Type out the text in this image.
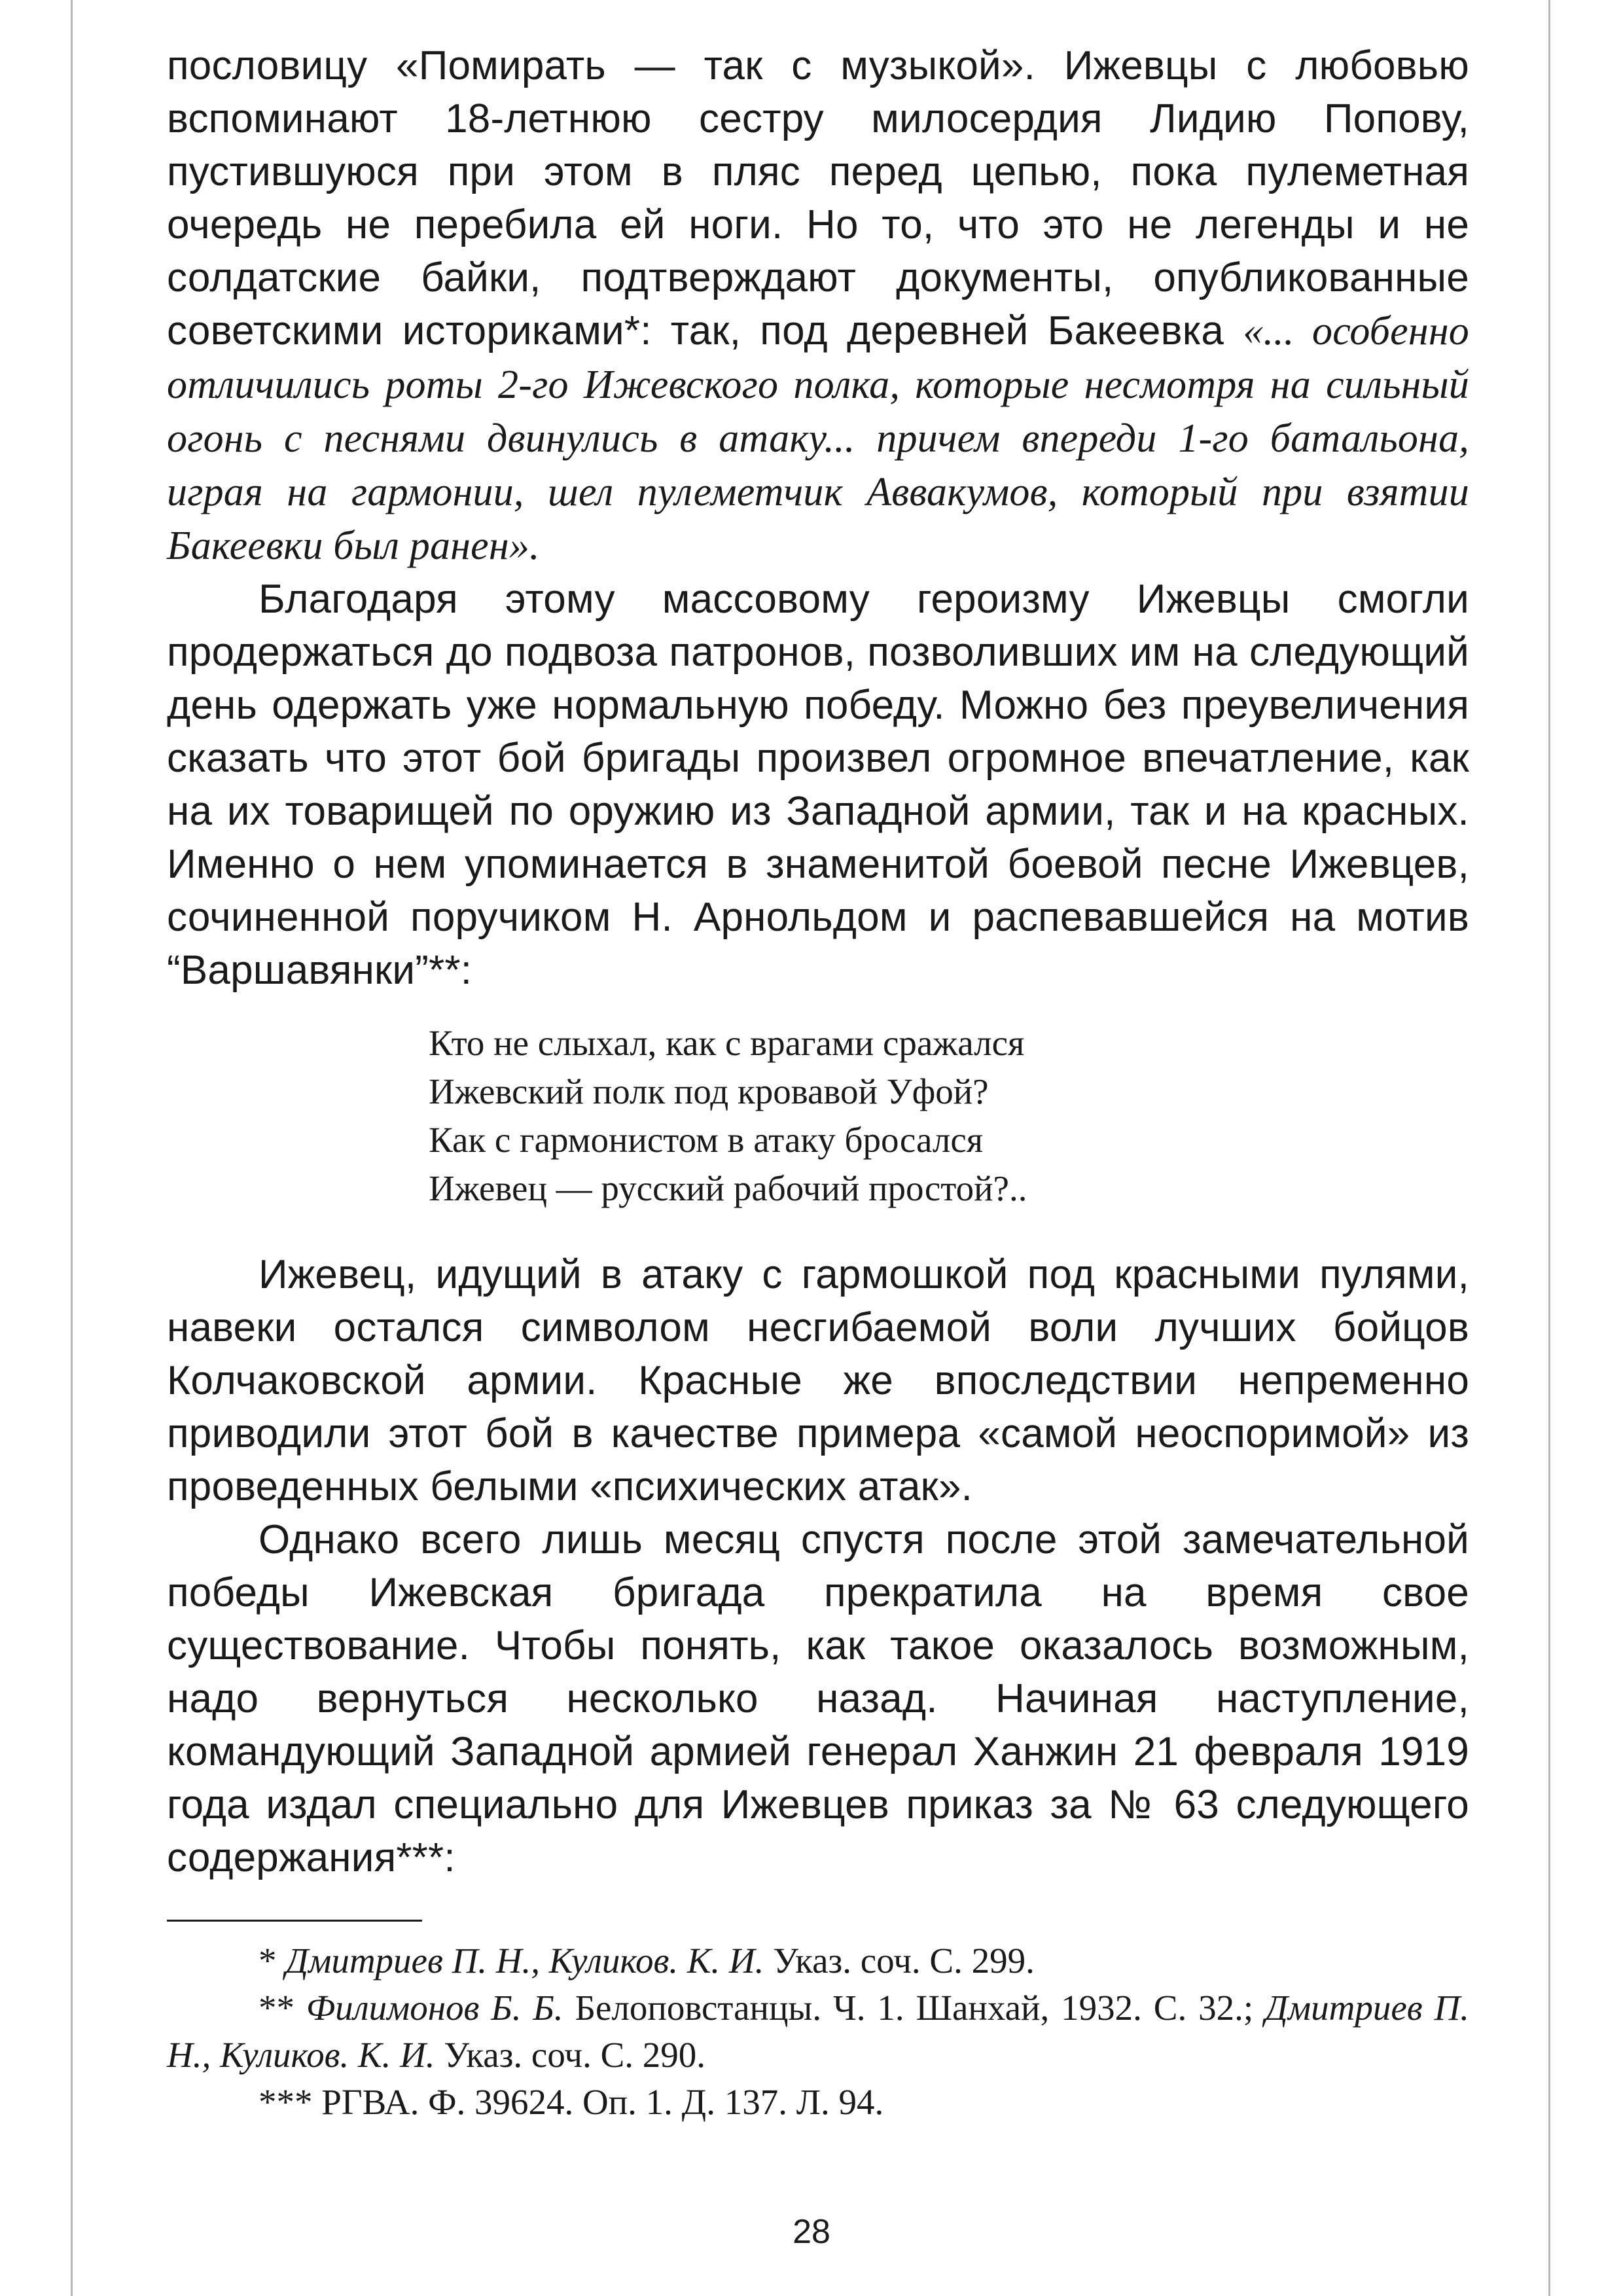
пословицу «Помирать — так с музыкой». Ижевцы с любовью вспоминают 18-летнюю сестру милосердия Лидию Попову, пустившуюся при этом в пляс перед цепью, пока пулеметная очередь не перебила ей ноги. Но то, что это не легенды и не солдатские байки, подтверждают документы, опубликованные советскими историками*: так, под деревней Бакеевка «... особенно отличились роты 2-го Ижевского полка, которые несмотря на сильный огонь с песнями двинулись в атаку... причем впереди 1-го батальона, играя на гармонии, шел пулеметчик Аввакумов, который при взятии Бакеевки был ранен».

Благодаря этому массовому героизму Ижевцы смогли продержаться до подвоза патронов, позволивших им на следующий день одержать уже нормальную победу. Можно без преувеличения сказать что этот бой бригады произвел огромное впечатление, как на их товарищей по оружию из Западной армии, так и на красных. Именно о нем упоминается в знаменитой боевой песне Ижевцев, сочиненной поручиком Н. Арнольдом и распевавшейся на мотив “Варшавянки”**:

Кто не слыхал, как с врагами сражался
Ижевский полк под кровавой Уфой?
Как с гармонистом в атаку бросался
Ижевец — русский рабочий простой?..

Ижевец, идущий в атаку с гармошкой под красными пулями, навеки остался символом несгибаемой воли лучших бойцов Колчаковской армии. Красные же впоследствии непременно приводили этот бой в качестве примера «самой неоспоримой» из проведенных белыми «психических атак».

Однако всего лишь месяц спустя после этой замечательной победы Ижевская бригада прекратила на время свое существование. Чтобы понять, как такое оказалось возможным, надо вернуться несколько назад. Начиная наступление, командующий Западной армией генерал Ханжин 21 февраля 1919 года издал специально для Ижевцев приказ за № 63 следующего содержания***:

* Дмитриев П. Н., Куликов. К. И. Указ. соч. С. 299.

** Филимонов Б. Б. Белоповстанцы. Ч. 1. Шанхай, 1932. С. 32.; Дмитриев П. Н., Куликов. К. И. Указ. соч. С. 290.

*** РГВА. Ф. 39624. Оп. 1. Д. 137. Л. 94.

28
